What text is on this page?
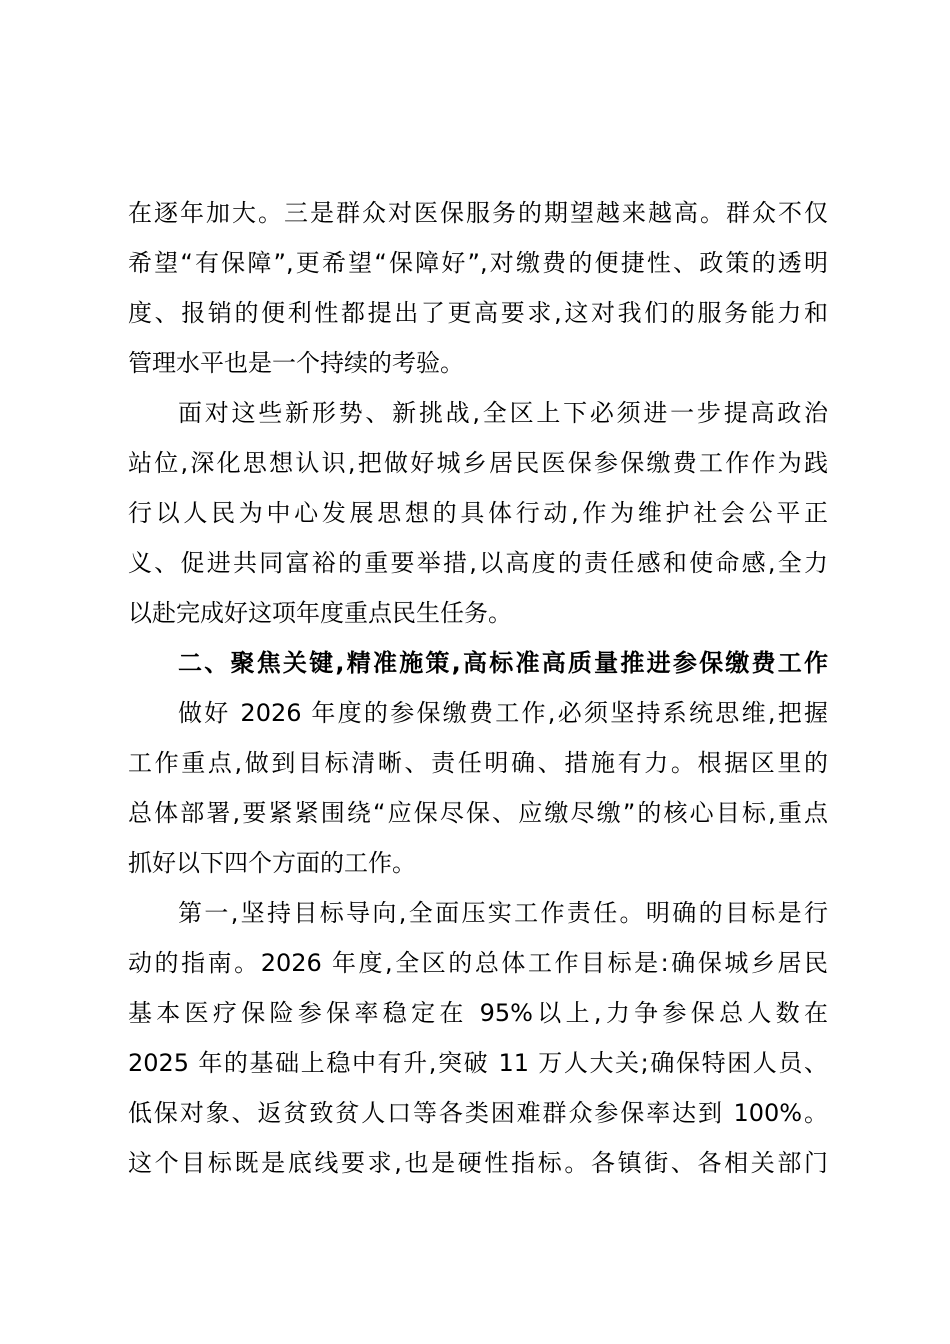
在逐年加大。三是群众对医保服务的期望越来越高。群众不仅
希望“有保障”,更希望“保障好”,对缴费的便捷性、政策的透明
度、报销的便利性都提出了更高要求,这对我们的服务能力和
管理水平也是一个持续的考验。
面对这些新形势、新挑战,全区上下必须进一步提高政治
站位,深化思想认识,把做好城乡居民医保参保缴费工作作为践
行以人民为中心发展思想的具体行动,作为维护社会公平正
义、促进共同富裕的重要举措,以高度的责任感和使命感,全力
以赴完成好这项年度重点民生任务。
二、聚焦关键,精准施策,高标准高质量推进参保缴费工作
做好 2026 年度的参保缴费工作,必须坚持系统思维,把握
工作重点,做到目标清晰、责任明确、措施有力。根据区里的
总体部署,要紧紧围绕“应保尽保、应缴尽缴”的核心目标,重点
抓好以下四个方面的工作。
第一,坚持目标导向,全面压实工作责任。明确的目标是行
动的指南。2026 年度,全区的总体工作目标是:确保城乡居民
基本医疗保险参保率稳定在 95%以上,力争参保总人数在
2025 年的基础上稳中有升,突破 11 万人大关;确保特困人员、
低保对象、返贫致贫人口等各类困难群众参保率达到 100%。
这个目标既是底线要求,也是硬性指标。各镇街、各相关部门
